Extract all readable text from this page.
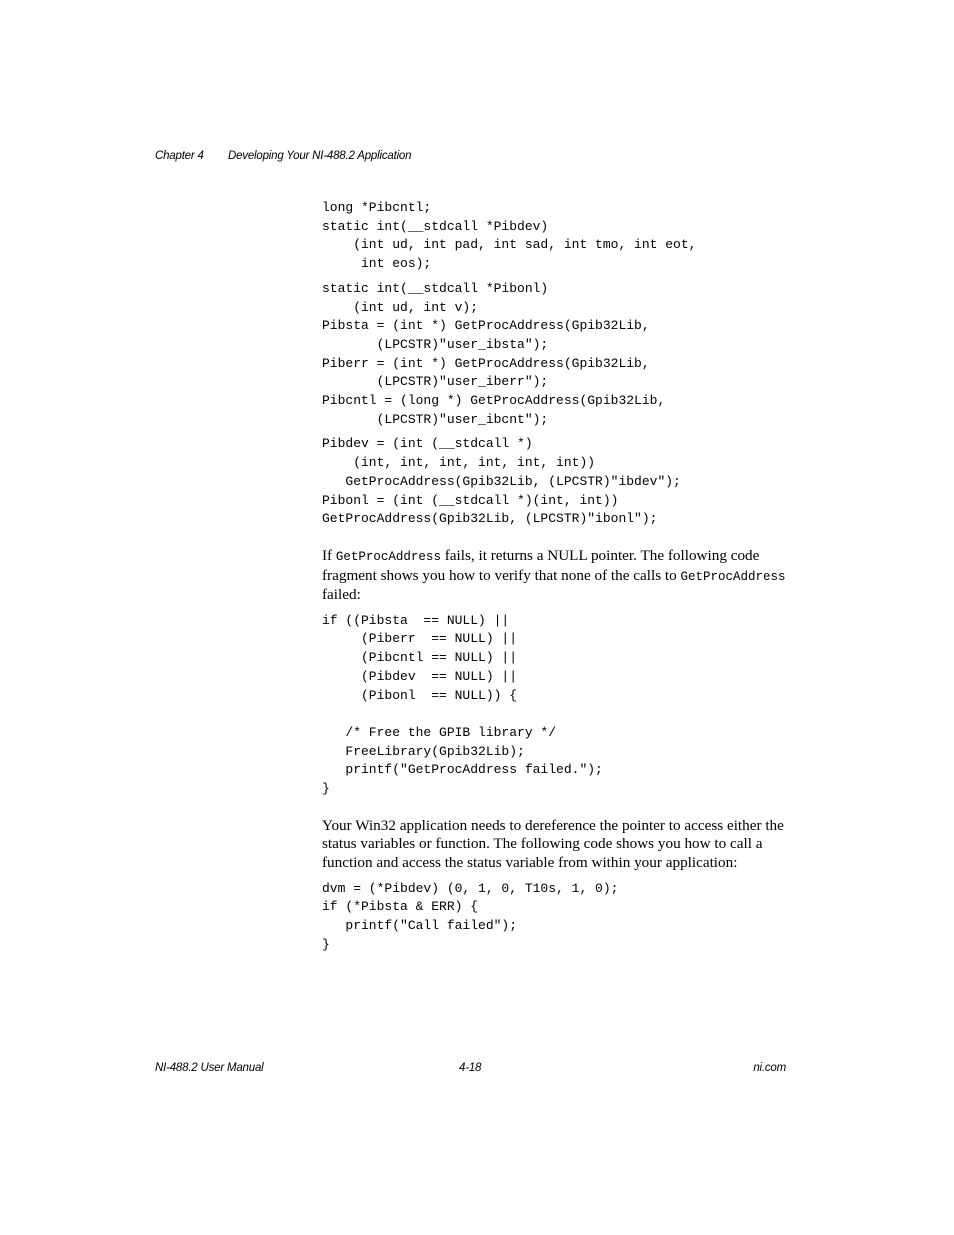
Chapter 4 Developing Your NI-488.2 Application
long *Pibcntl;
static int(__stdcall *Pibdev)
(int ud, int pad, int sad, int tmo, int eot,
int eos);
static int(__stdcall *Pibonl)
(int ud, int v);
Pibsta = (int *) GetProcAddress(Gpib32Lib,
(LPCSTR)"user_ibsta");
Piberr = (int *) GetProcAddress(Gpib32Lib,
(LPCSTR)"user_iberr");
Pibcntl = (long *) GetProcAddress(Gpib32Lib,
(LPCSTR)"user_ibcnt");
Pibdev = (int (__stdcall *)
(int, int, int, int, int, int))
GetProcAddress(Gpib32Lib, (LPCSTR)"ibdev");
Pibonl = (int (__stdcall *)(int, int))
GetProcAddress(Gpib32Lib, (LPCSTR)"ibonl");

If GetProcAddress fails, it returns a NULL pointer. The following code fragment shows you how to verify that none of the calls to GetProcAddress failed:

if ((Pibsta  == NULL) ||
(Piberr  == NULL) ||
(Pibcntl == NULL) ||
(Pibdev  == NULL) ||
(Pibonl  == NULL)) {

/* Free the GPIB library */
FreeLibrary(Gpib32Lib);
printf("GetProcAddress failed.");
}

Your Win32 application needs to dereference the pointer to access either the status variables or function. The following code shows you how to call a function and access the status variable from within your application:

dvm = (*Pibdev) (0, 1, 0, T10s, 1, 0);
if (*Pibsta & ERR) {
printf("Call failed");
}
NI-488.2 User Manual	4-18	ni.com
